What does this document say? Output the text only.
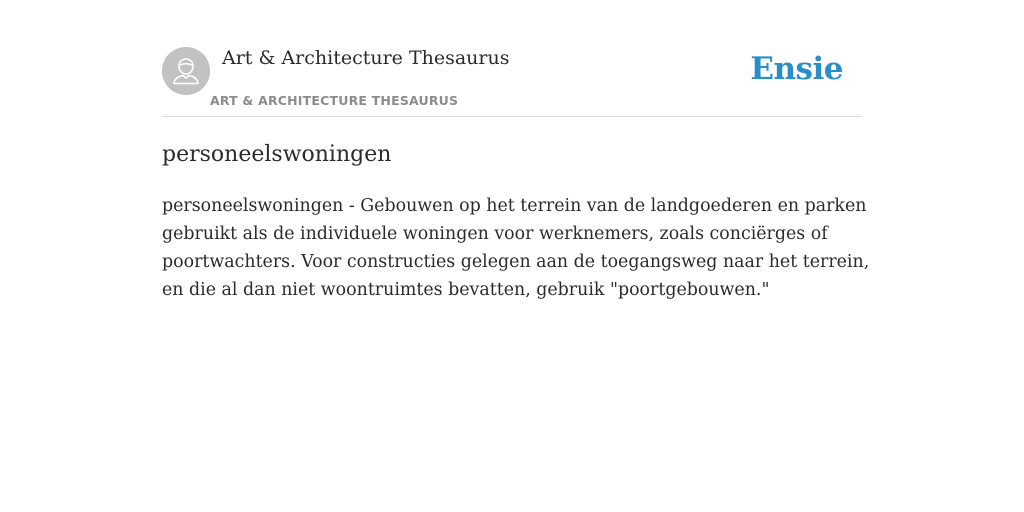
Art & Architecture Thesaurus
ART & ARCHITECTURE THESAURUS
Ensie
personeelswoningen

personeelswoningen - Gebouwen op het terrein van de landgoederen en parken
gebruikt als de individuele woningen voor werknemers, zoals conciërges of
poortwachters. Voor constructies gelegen aan de toegangsweg naar het terrein,
en die al dan niet woontruimtes bevatten, gebruik "poortgebouwen."
